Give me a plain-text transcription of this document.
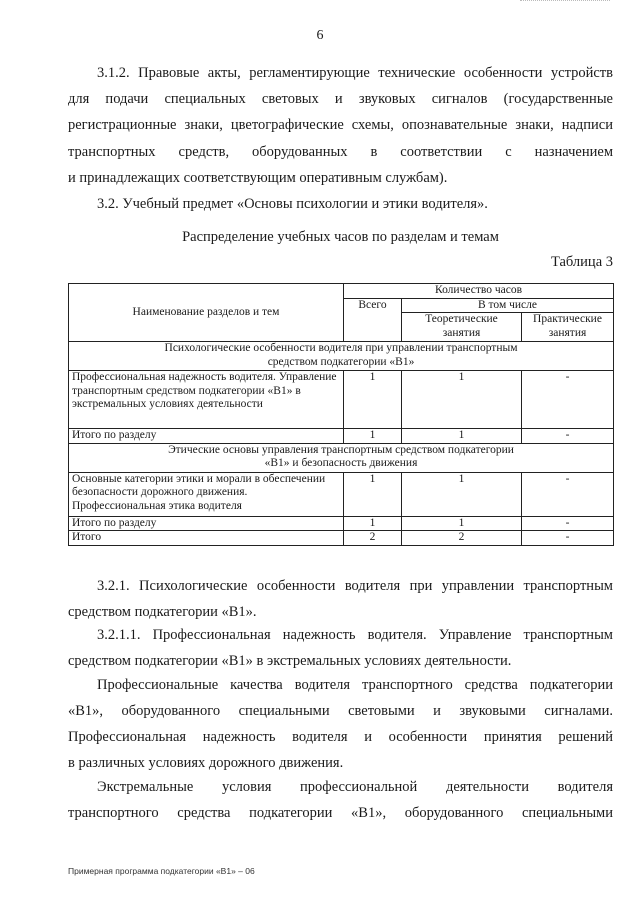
6
3.1.2. Правовые акты, регламентирующие технические особенности устройств
для подачи специальных световых и звуковых сигналов (государственные
регистрационные знаки, цветографические схемы, опознавательные знаки, надписи
транспортных средств, оборудованных в соответствии с назначением
и принадлежащих соответствующим оперативным службам).
3.2. Учебный предмет «Основы психологии и этики водителя».
Распределение учебных часов по разделам и темам
Таблица 3
Наименование разделов и тем	Количество часов		
	Всего	В том числе	
		Теоретические занятия	Практические занятия
Психологические особенности водителя при управлении транспортным средством подкатегории «В1»			
Профессиональная надежность водителя. Управление транспортным средством подкатегории «В1» в экстремальных условиях деятельности	1	1	-
Итого по разделу	1	1	-
Этические основы управления транспортным средством подкатегории «В1» и безопасность движения			
Основные категории этики и морали в обеспечении безопасности дорожного движения. Профессиональная этика водителя	1	1	-
Итого по разделу	1	1	-
Итого	2	2	-
3.2.1. Психологические особенности водителя при управлении транспортным
средством подкатегории «В1».
3.2.1.1. Профессиональная надежность водителя. Управление транспортным
средством подкатегории «В1» в экстремальных условиях деятельности.
Профессиональные качества водителя транспортного средства подкатегории
«В1», оборудованного специальными световыми и звуковыми сигналами.
Профессиональная надежность водителя и особенности принятия решений
в различных условиях дорожного движения.
Экстремальные условия профессиональной деятельности водителя
транспортного средства подкатегории «В1», оборудованного специальными
Примерная программа подкатегории «В1» – 06
